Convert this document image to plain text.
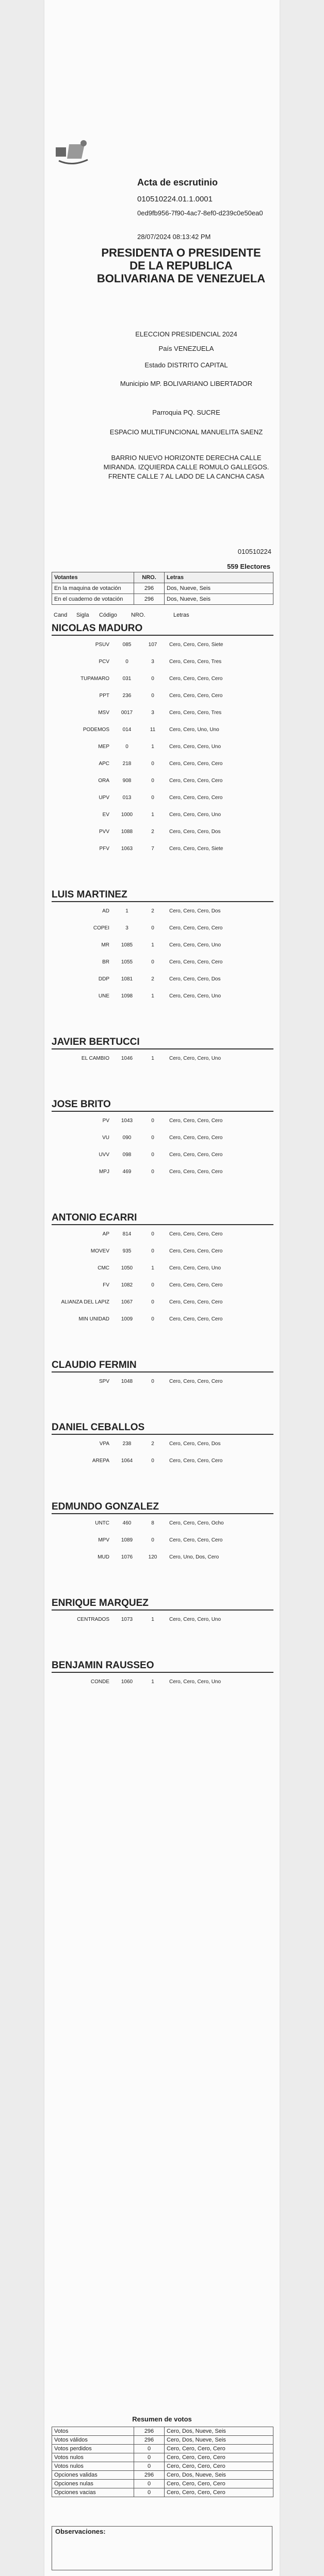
Acta de escrutinio
010510224.01.1.0001
0ed9fb956-7f90-4ac7-8ef0-d239c0e50ea0
28/07/2024 08:13:42 PM
PRESIDENTA O PRESIDENTE DE LA REPUBLICA BOLIVARIANA DE VENEZUELA
ELECCION PRESIDENCIAL 2024
País VENEZUELA
Estado DISTRITO CAPITAL
Municipio MP. BOLIVARIANO LIBERTADOR
Parroquia PQ. SUCRE
ESPACIO MULTIFUNCIONAL MANUELITA SAENZ
BARRIO NUEVO HORIZONTE DERECHA CALLE MIRANDA. IZQUIERDA CALLE ROMULO GALLEGOS. FRENTE CALLE 7 AL LADO DE LA CANCHA CASA
010510224
559 Electores
Votantes	NRO.	Letras
En la maquina de votación	296	Dos, Nueve, Seis
En el cuaderno de votación	296	Dos, Nueve, Seis
Cand Sigla Código NRO.	Letras
NICOLAS MADURO
PSUV	085	107	Cero, Cero, Cero, Siete
PCV	0	3	Cero, Cero, Cero, Tres
TUPAMARO	031	0	Cero, Cero, Cero, Cero
PPT	236	0	Cero, Cero, Cero, Cero
MSV	0017	3	Cero, Cero, Cero, Tres
PODEMOS	014	11	Cero, Cero, Uno, Uno
MEP	0	1	Cero, Cero, Cero, Uno
APC	218	0	Cero, Cero, Cero, Cero
ORA	908	0	Cero, Cero, Cero, Cero
UPV	013	0	Cero, Cero, Cero, Cero
EV	1000	1	Cero, Cero, Cero, Uno
PVV	1088	2	Cero, Cero, Cero, Dos
PFV	1063	7	Cero, Cero, Cero, Siete
LUIS MARTINEZ
AD	1	2	Cero, Cero, Cero, Dos
COPEI	3	0	Cero, Cero, Cero, Cero
MR	1085	1	Cero, Cero, Cero, Uno
BR	1055	0	Cero, Cero, Cero, Cero
DDP	1081	2	Cero, Cero, Cero, Dos
UNE	1098	1	Cero, Cero, Cero, Uno
JAVIER BERTUCCI
EL CAMBIO	1046	1	Cero, Cero, Cero, Uno
JOSE BRITO
PV	1043	0	Cero, Cero, Cero, Cero
VU	090	0	Cero, Cero, Cero, Cero
UVV	098	0	Cero, Cero, Cero, Cero
MPJ	469	0	Cero, Cero, Cero, Cero
ANTONIO ECARRI
AP	814	0	Cero, Cero, Cero, Cero
MOVEV	935	0	Cero, Cero, Cero, Cero
CMC	1050	1	Cero, Cero, Cero, Uno
FV	1082	0	Cero, Cero, Cero, Cero
ALIANZA DEL LAPIZ	1067	0	Cero, Cero, Cero, Cero
MIN UNIDAD	1009	0	Cero, Cero, Cero, Cero
CLAUDIO FERMIN
SPV	1048	0	Cero, Cero, Cero, Cero
DANIEL CEBALLOS
VPA	238	2	Cero, Cero, Cero, Dos
AREPA	1064	0	Cero, Cero, Cero, Cero
EDMUNDO GONZALEZ
UNTC	460	8	Cero, Cero, Cero, Ocho
MPV	1089	0	Cero, Cero, Cero, Cero
MUD	1076	120	Cero, Uno, Dos, Cero
ENRIQUE MARQUEZ
CENTRADOS	1073	1	Cero, Cero, Cero, Uno
BENJAMIN RAUSSEO
CONDE	1060	1	Cero, Cero, Cero, Uno
Resumen de votos
Votos	296	Cero, Dos, Nueve, Seis
Votos válidos	296	Cero, Dos, Nueve, Seis
Votos perdidos	0	Cero, Cero, Cero, Cero
Votos nulos	0	Cero, Cero, Cero, Cero
Votos nulos	0	Cero, Cero, Cero, Cero
Opciones validas	296	Cero, Dos, Nueve, Seis
Opciones nulas	0	Cero, Cero, Cero, Cero
Opciones vacias	0	Cero, Cero, Cero, Cero
Observaciones:
